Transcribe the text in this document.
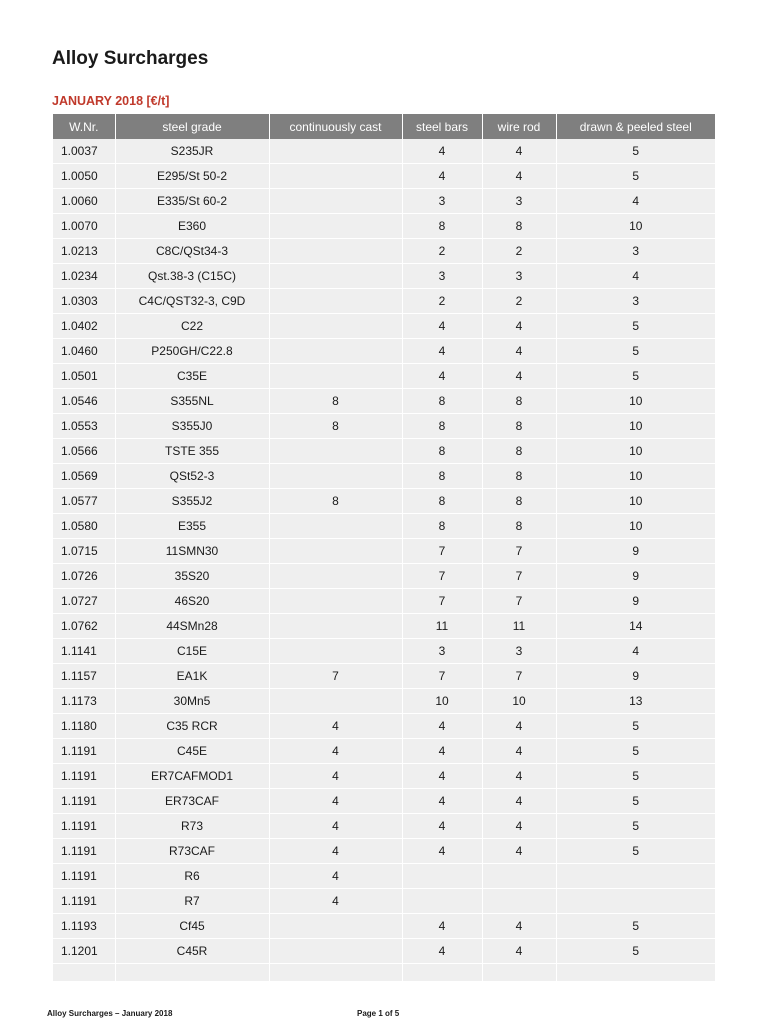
Alloy Surcharges
JANUARY 2018 [€/t]
W.Nr.	steel grade	continuously cast	steel bars	wire rod	drawn & peeled steel
1.0037	S235JR		4	4	5
1.0050	E295/St 50-2		4	4	5
1.0060	E335/St 60-2		3	3	4
1.0070	E360		8	8	10
1.0213	C8C/QSt34-3		2	2	3
1.0234	Qst.38-3 (C15C)		3	3	4
1.0303	C4C/QST32-3, C9D		2	2	3
1.0402	C22		4	4	5
1.0460	P250GH/C22.8		4	4	5
1.0501	C35E		4	4	5
1.0546	S355NL	8	8	8	10
1.0553	S355J0	8	8	8	10
1.0566	TSTE 355		8	8	10
1.0569	QSt52-3		8	8	10
1.0577	S355J2	8	8	8	10
1.0580	E355		8	8	10
1.0715	11SMN30		7	7	9
1.0726	35S20		7	7	9
1.0727	46S20		7	7	9
1.0762	44SMn28		11	11	14
1.1141	C15E		3	3	4
1.1157	EA1K	7	7	7	9
1.1173	30Mn5		10	10	13
1.1180	C35 RCR	4	4	4	5
1.1191	C45E	4	4	4	5
1.1191	ER7CAFMOD1	4	4	4	5
1.1191	ER73CAF	4	4	4	5
1.1191	R73	4	4	4	5
1.1191	R73CAF	4	4	4	5
1.1191	R6	4			
1.1191	R7	4			
1.1193	Cf45		4	4	5
1.1201	C45R		4	4	5

Alloy Surcharges – January 2018	Page 1 of 5
